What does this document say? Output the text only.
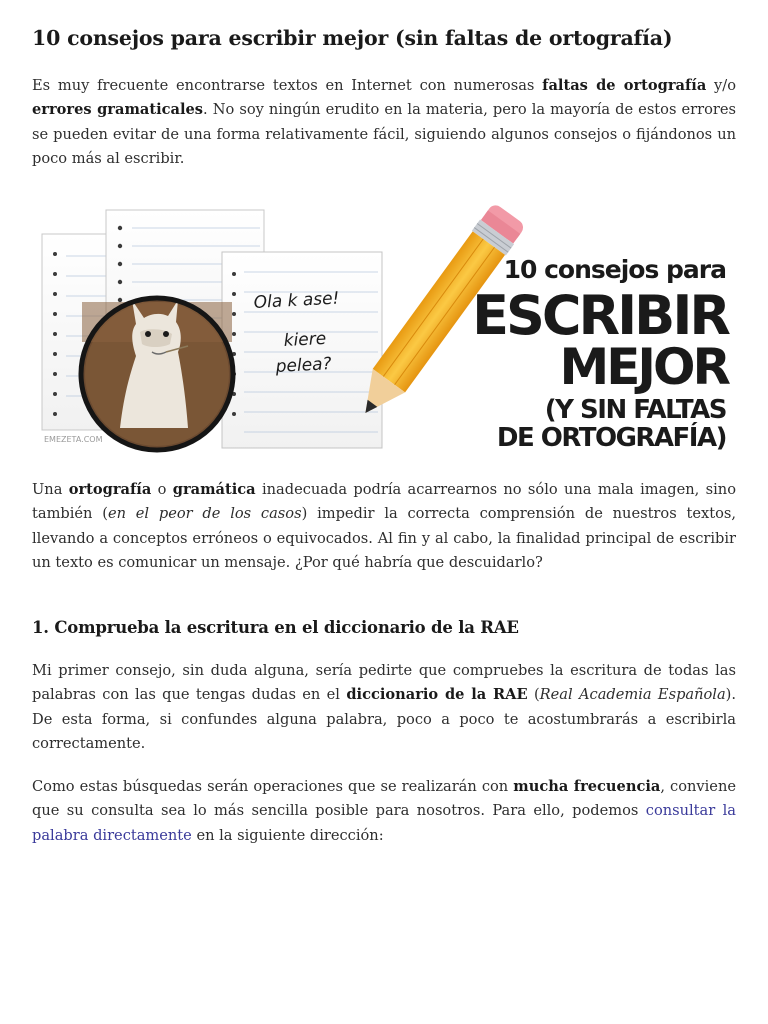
10 consejos para escribir mejor (sin faltas de ortografía)

Es muy frecuente encontrarse textos en Internet con numerosas faltas de ortografía y/o errores gramaticales. No soy ningún erudito en la materia, pero la mayoría de estos errores se pueden evitar de una forma relativamente fácil, siguiendo algunos consejos o fijándonos un poco más al escribir.

Ola k ase!
kiere
pelea?
EMEZETA.COM
10 consejos para
ESCRIBIR
MEJOR
(Y SIN FALTAS
DE ORTOGRAFÍA)

Una ortografía o gramática inadecuada podría acarrearnos no sólo una mala imagen, sino también (en el peor de los casos) impedir la correcta comprensión de nuestros textos, llevando a conceptos erróneos o equivocados. Al fin y al cabo, la finalidad principal de escribir un texto es comunicar un mensaje. ¿Por qué habría que descuidarlo?

1. Comprueba la escritura en el diccionario de la RAE

Mi primer consejo, sin duda alguna, sería pedirte que compruebes la escritura de todas las palabras con las que tengas dudas en el diccionario de la RAE (Real Academia Española). De esta forma, si confundes alguna palabra, poco a poco te acostumbrarás a escribirla correctamente.

Como estas búsquedas serán operaciones que se realizarán con mucha frecuencia, conviene que su consulta sea lo más sencilla posible para nosotros. Para ello, podemos consultar la palabra directamente en la siguiente dirección:
